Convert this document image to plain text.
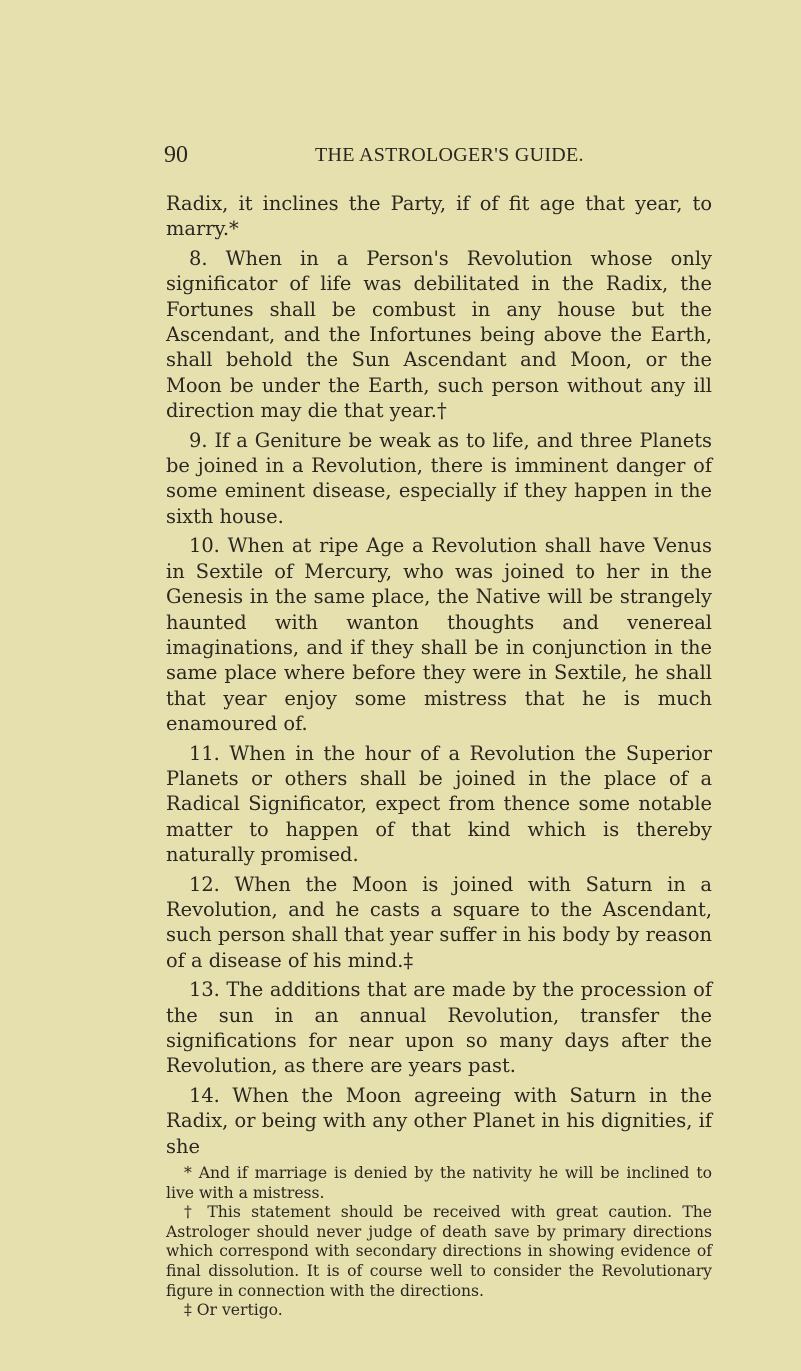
90	THE ASTROLOGER'S GUIDE.

Radix, it inclines the Party, if of fit age that year, to marry.*

8. When in a Person's Revolution whose only significator of life was debilitated in the Radix, the Fortunes shall be combust in any house but the Ascendant, and the Infortunes being above the Earth, shall behold the Sun Ascendant and Moon, or the Moon be under the Earth, such person without any ill direction may die that year.†

9. If a Geniture be weak as to life, and three Planets be joined in a Revolution, there is imminent danger of some eminent disease, especially if they happen in the sixth house.

10. When at ripe Age a Revolution shall have Venus in Sextile of Mercury, who was joined to her in the Genesis in the same place, the Native will be strangely haunted with wanton thoughts and venereal imaginations, and if they shall be in conjunction in the same place where before they were in Sextile, he shall that year enjoy some mistress that he is much enamoured of.

11. When in the hour of a Revolution the Superior Planets or others shall be joined in the place of a Radical Significator, expect from thence some notable matter to happen of that kind which is thereby naturally promised.

12. When the Moon is joined with Saturn in a Revolution, and he casts a square to the Ascendant, such person shall that year suffer in his body by reason of a disease of his mind.‡

13. The additions that are made by the procession of the sun in an annual Revolution, transfer the significations for near upon so many days after the Revolution, as there are years past.

14. When the Moon agreeing with Saturn in the Radix, or being with any other Planet in his dignities, if she

* And if marriage is denied by the nativity he will be inclined to live with a mistress.

† This statement should be received with great caution. The Astrologer should never judge of death save by primary directions which correspond with secondary directions in showing evidence of final dissolution. It is of course well to consider the Revolutionary figure in connection with the directions.

‡ Or vertigo.
